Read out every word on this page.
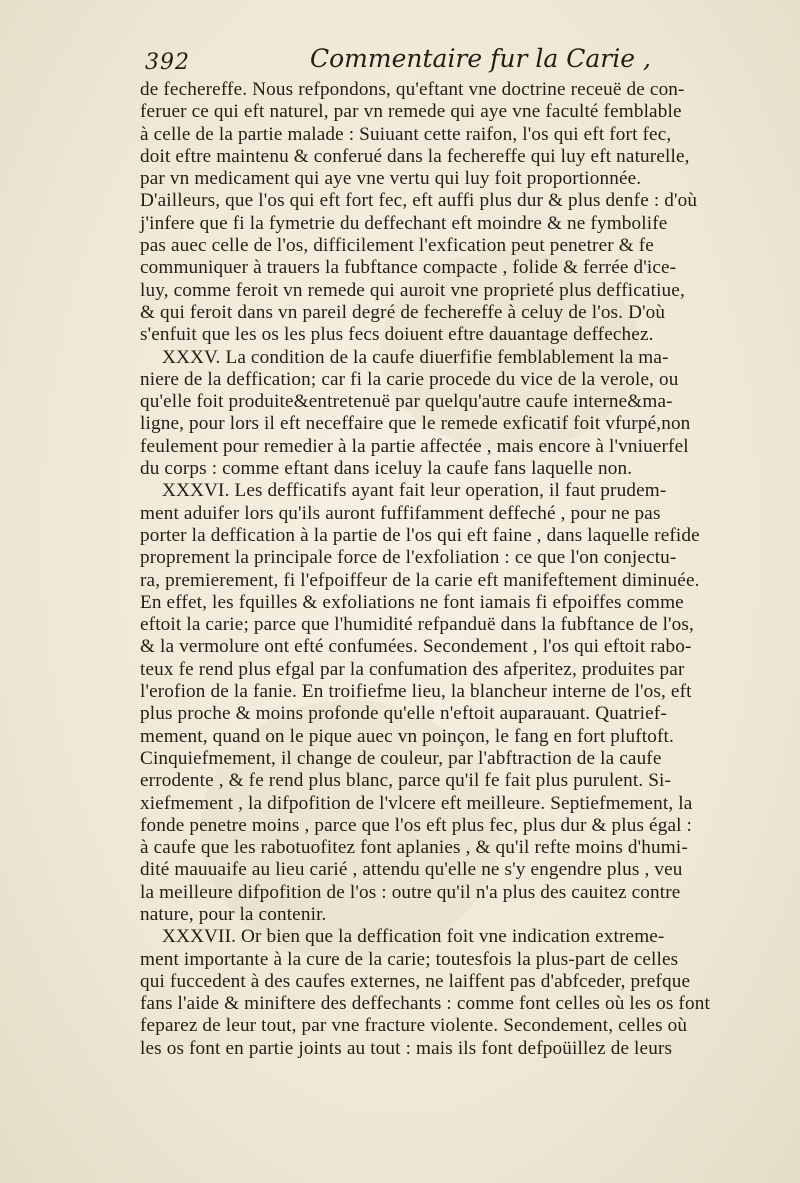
392	Commentaire fur la Carie ,
de fechereffe. Nous refpondons, qu'eftant vne doctrine receuë de con-
feruer ce qui eft naturel, par vn remede qui aye vne faculté femblable
à celle de la partie malade : Suiuant cette raifon, l'os qui eft fort fec,
doit eftre maintenu & conferué dans la fechereffe qui luy eft naturelle,
par vn medicament qui aye vne vertu qui luy foit proportionnée.
D'ailleurs, que l'os qui eft fort fec, eft auffi plus dur & plus denfe : d'où
j'infere que fi la fymetrie du deffechant eft moindre & ne fymbolife
pas auec celle de l'os, difficilement l'exfication peut penetrer & fe
communiquer à trauers la fubftance compacte , folide & ferrée d'ice-
luy, comme feroit vn remede qui auroit vne proprieté plus defficatiue,
& qui feroit dans vn pareil degré de fechereffe à celuy de l'os. D'où
s'enfuit que les os les plus fecs doiuent eftre dauantage deffechez.
XXXV. La condition de la caufe diuerfifie femblablement la ma-
niere de la deffication; car fi la carie procede du vice de la verole, ou
qu'elle foit produite&entretenuë par quelqu'autre caufe interne&ma-
ligne, pour lors il eft neceffaire que le remede exficatif foit vfurpé,non
feulement pour remedier à la partie affectée , mais encore à l'vniuerfel
du corps : comme eftant dans iceluy la caufe fans laquelle non.
XXXVI. Les defficatifs ayant fait leur operation, il faut prudem-
ment aduifer lors qu'ils auront fuffifamment deffeché , pour ne pas
porter la deffication à la partie de l'os qui eft faine , dans laquelle refide
proprement la principale force de l'exfoliation : ce que l'on conjectu-
ra, premierement, fi l'efpoiffeur de la carie eft manifeftement diminuée.
En effet, les fquilles & exfoliations ne font iamais fi efpoiffes comme
eftoit la carie; parce que l'humidité refpanduë dans la fubftance de l'os,
& la vermolure ont efté confumées. Secondement , l'os qui eftoit rabo-
teux fe rend plus efgal par la confumation des afperitez, produites par
l'erofion de la fanie. En troifiefme lieu, la blancheur interne de l'os, eft
plus proche & moins profonde qu'elle n'eftoit auparauant. Quatrief-
mement, quand on le pique auec vn poinçon, le fang en fort pluftoft.
Cinquiefmement, il change de couleur, par l'abftraction de la caufe
errodente , & fe rend plus blanc, parce qu'il fe fait plus purulent. Si-
xiefmement , la difpofition de l'vlcere eft meilleure. Septiefmement, la
fonde penetre moins , parce que l'os eft plus fec, plus dur & plus égal :
à caufe que les rabotuofitez font aplanies , & qu'il refte moins d'humi-
dité mauuaife au lieu carié , attendu qu'elle ne s'y engendre plus , veu
la meilleure difpofition de l'os : outre qu'il n'a plus des cauitez contre
nature, pour la contenir.
XXXVII. Or bien que la deffication foit vne indication extreme-
ment importante à la cure de la carie; toutesfois la plus-part de celles
qui fuccedent à des caufes externes, ne laiffent pas d'abfceder, prefque
fans l'aide & miniftere des deffechants : comme font celles où les os font
feparez de leur tout, par vne fracture violente. Secondement, celles où
les os font en partie joints au tout : mais ils font defpoüillez de leurs
